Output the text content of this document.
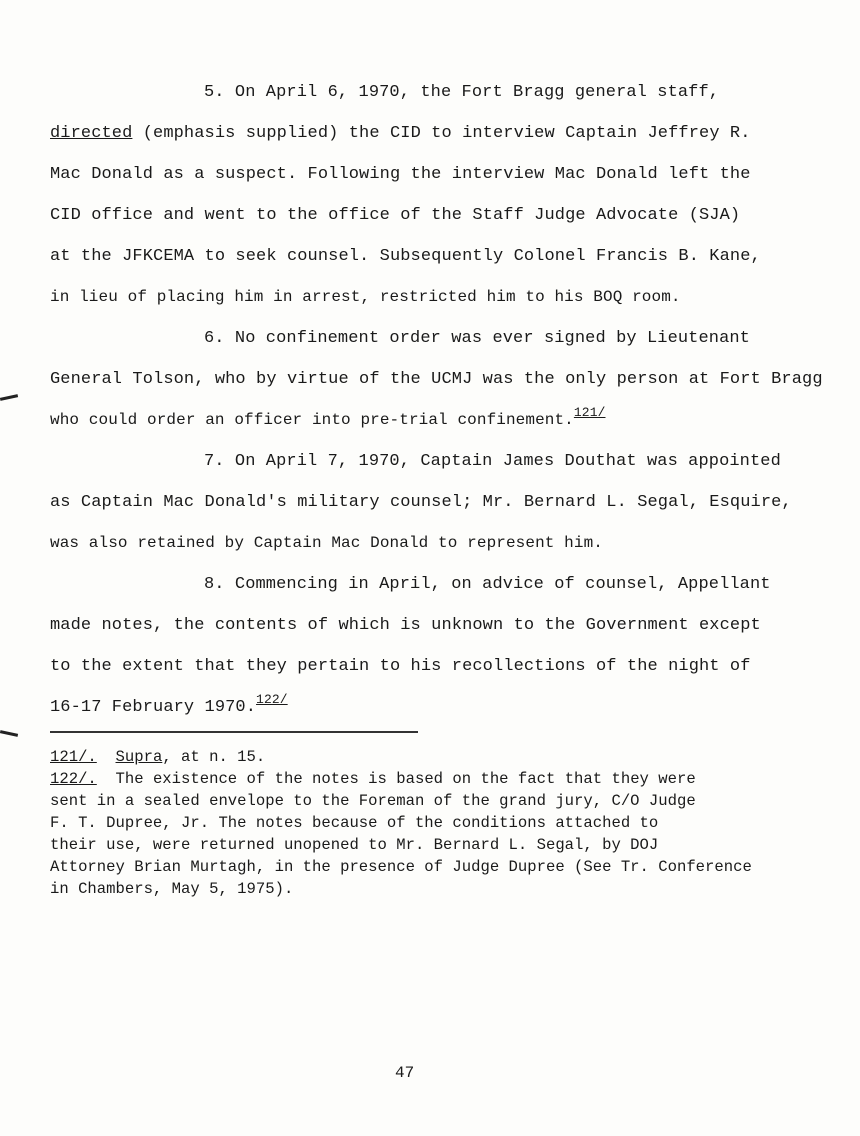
5. On April 6, 1970, the Fort Bragg general staff,
directed (emphasis supplied) the CID to interview Captain Jeffrey R.
Mac Donald as a suspect. Following the interview Mac Donald left the
CID office and went to the office of the Staff Judge Advocate (SJA)
at the JFKCEMA to seek counsel. Subsequently Colonel Francis B. Kane,
in lieu of placing him in arrest, restricted him to his BOQ room.
6. No confinement order was ever signed by Lieutenant
General Tolson, who by virtue of the UCMJ was the only person at Fort Bragg
who could order an officer into pre-trial confinement.$^{121/}$
7. On April 7, 1970, Captain James Douthat was appointed
as Captain Mac Donald's military counsel; Mr. Bernard L. Segal, Esquire,
was also retained by Captain Mac Donald to represent him.
8. Commencing in April, on advice of counsel, Appellant
made notes, the contents of which is unknown to the Government except
to the extent that they pertain to his recollections of the night of
16-17 February 1970.$^{122/}$
121/. Supra, at n. 15.
122/. The existence of the notes is based on the fact that they were
sent in a sealed envelope to the Foreman of the grand jury, C/O Judge
F. T. Dupree, Jr. The notes because of the conditions attached to
their use, were returned unopened to Mr. Bernard L. Segal, by DOJ
Attorney Brian Murtagh, in the presence of Judge Dupree (See Tr. Conference
in Chambers, May 5, 1975).
47
